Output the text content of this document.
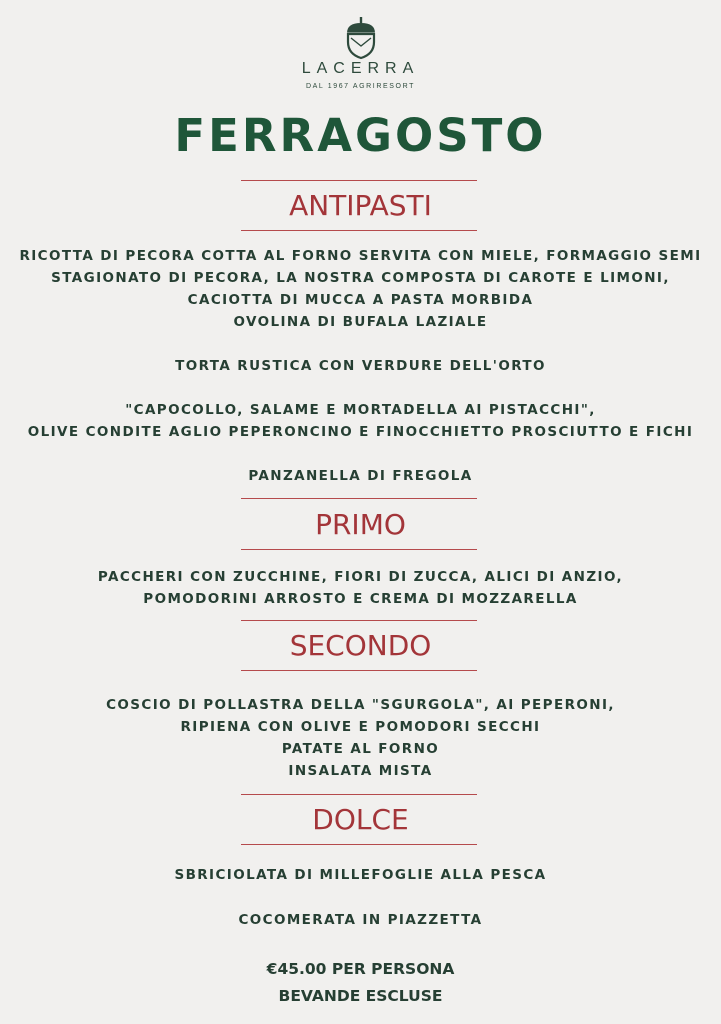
LACERRA
DAL 1967 AGRIRESORT
FERRAGOSTO
ANTIPASTI
RICOTTA DI PECORA COTTA AL FORNO SERVITA CON MIELE, FORMAGGIO SEMI
STAGIONATO DI PECORA, LA NOSTRA COMPOSTA DI CAROTE E LIMONI,
CACIOTTA DI MUCCA A PASTA MORBIDA
OVOLINA DI BUFALA LAZIALE
TORTA RUSTICA CON VERDURE DELL'ORTO
"CAPOCOLLO, SALAME E MORTADELLA AI PISTACCHI",
OLIVE CONDITE AGLIO PEPERONCINO E FINOCCHIETTO PROSCIUTTO E FICHI
PANZANELLA DI FREGOLA
PRIMO
PACCHERI CON ZUCCHINE, FIORI DI ZUCCA, ALICI DI ANZIO,
POMODORINI ARROSTO E CREMA DI MOZZARELLA
SECONDO
COSCIO DI POLLASTRA DELLA "SGURGOLA", AI PEPERONI,
RIPIENA CON OLIVE E POMODORI SECCHI
PATATE AL FORNO
INSALATA MISTA
DOLCE
SBRICIOLATA DI MILLEFOGLIE ALLA PESCA
COCOMERATA IN PIAZZETTA
€45.00 PER PERSONA
BEVANDE ESCLUSE
